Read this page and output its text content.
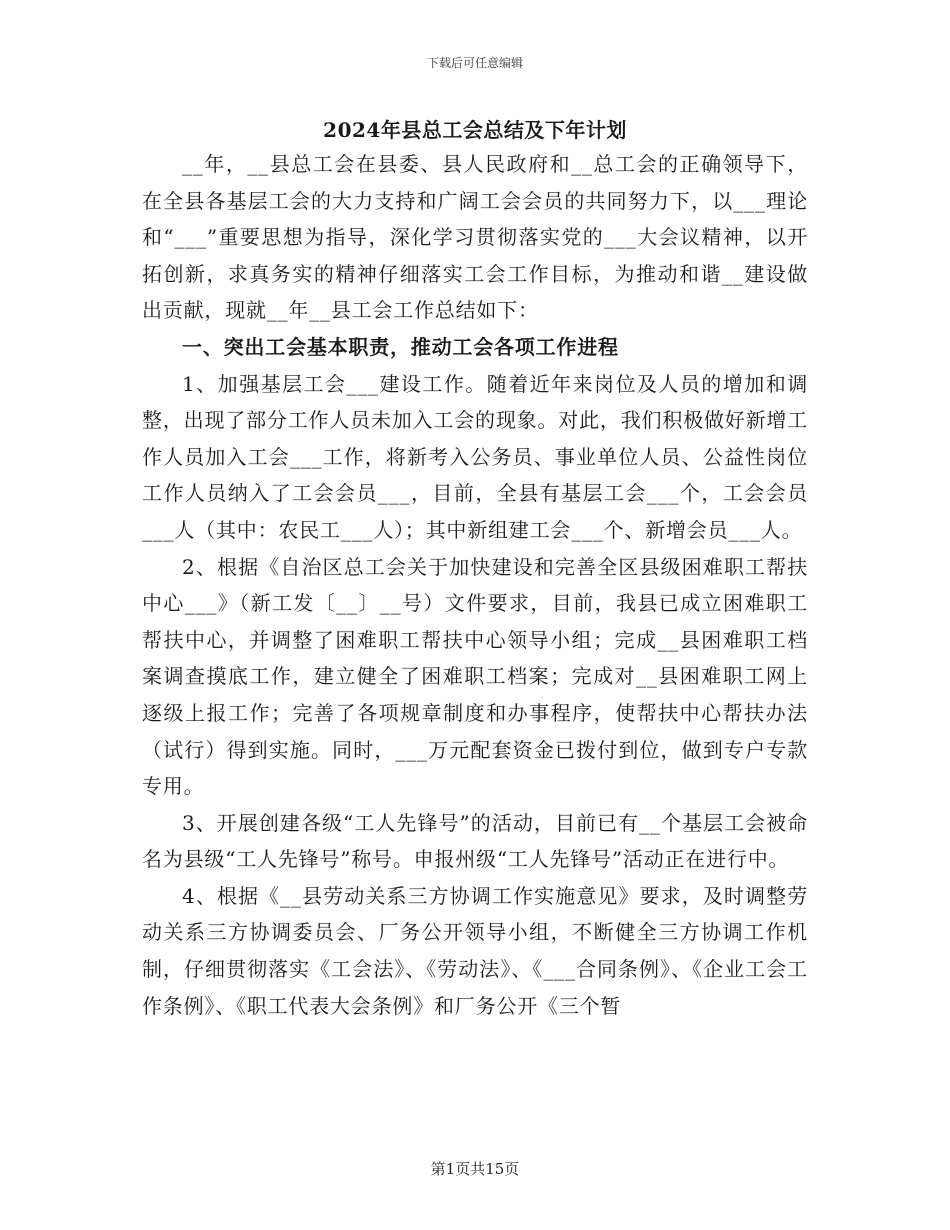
下载后可任意编辑
2024年县总工会总结及下年计划

__年，__县总工会在县委、县人民政府和__总工会的正确领导下，在全县各基层工会的大力支持和广阔工会会员的共同努力下，以___理论和“___”重要思想为指导，深化学习贯彻落实党的___大会议精神，以开拓创新，求真务实的精神仔细落实工会工作目标，为推动和谐__建设做出贡献，现就__年__县工会工作总结如下：

一、突出工会基本职责，推动工会各项工作进程

1、加强基层工会___建设工作。随着近年来岗位及人员的增加和调整，出现了部分工作人员未加入工会的现象。对此，我们积极做好新增工作人员加入工会___工作，将新考入公务员、事业单位人员、公益性岗位工作人员纳入了工会会员___，目前，全县有基层工会___个，工会会员___人（其中：农民工___人）；其中新组建工会___个、新增会员___人。

2、根据《自治区总工会关于加快建设和完善全区县级困难职工帮扶中心___》（新工发〔__〕__号）文件要求，目前，我县已成立困难职工帮扶中心，并调整了困难职工帮扶中心领导小组；完成__县困难职工档案调查摸底工作，建立健全了困难职工档案；完成对__县困难职工网上逐级上报工作；完善了各项规章制度和办事程序，使帮扶中心帮扶办法（试行）得到实施。同时，___万元配套资金已拨付到位，做到专户专款专用。

3、开展创建各级“工人先锋号”的活动，目前已有__个基层工会被命名为县级“工人先锋号”称号。申报州级“工人先锋号”活动正在进行中。

4、根据《__县劳动关系三方协调工作实施意见》要求，及时调整劳动关系三方协调委员会、厂务公开领导小组，不断健全三方协调工作机制，仔细贯彻落实《工会法》、《劳动法》、《___合同条例》、《企业工会工作条例》、《职工代表大会条例》和厂务公开《三个暂

第1页共15页
